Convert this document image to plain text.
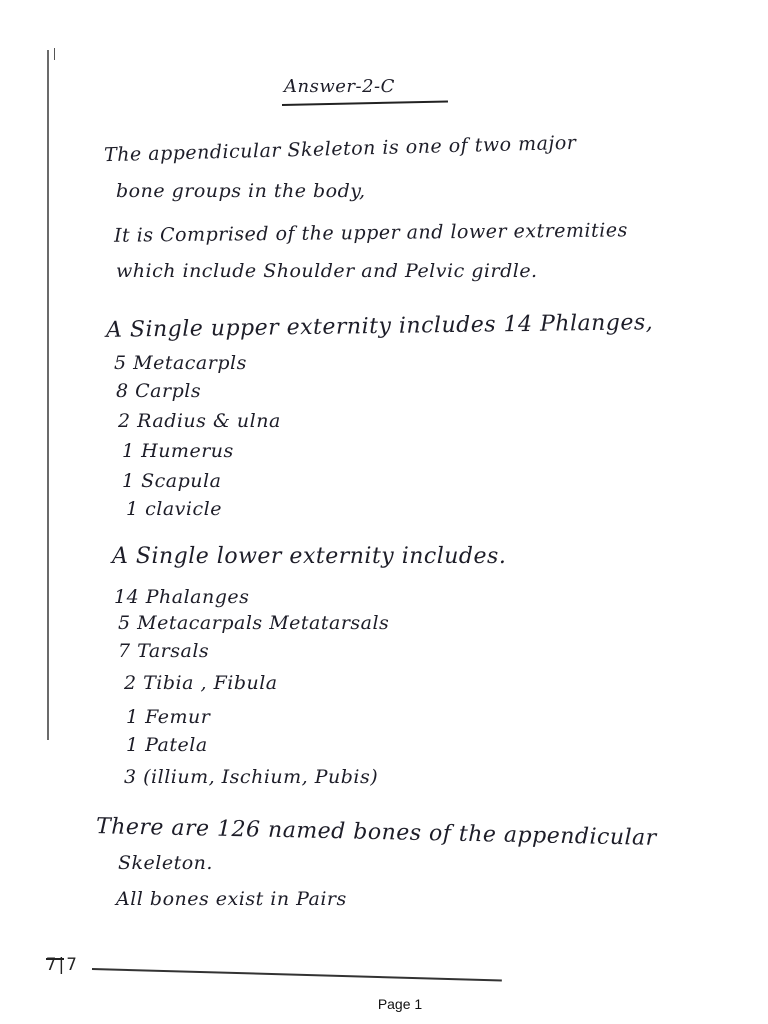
Answer-2-C
The appendicular Skeleton is one of two major
bone groups in the body,
It is Comprised of the upper and lower extremities
which include Shoulder and Pelvic girdle.
A Single upper externity includes 14 Phlanges,
5 Metacarpls
8 Carpls
2 Radius & ulna
1 Humerus
1 Scapula
1 clavicle
A Single lower externity includes.
14 Phalanges
5 Metacarpals Metatarsals
7 Tarsals
2 Tibia , Fibula
1 Femur
1 Patela
3 (illium, Ischium, Pubis)
There are 126 named bones of the appendicular
Skeleton.
All bones exist in Pairs
7|7
Page 1
